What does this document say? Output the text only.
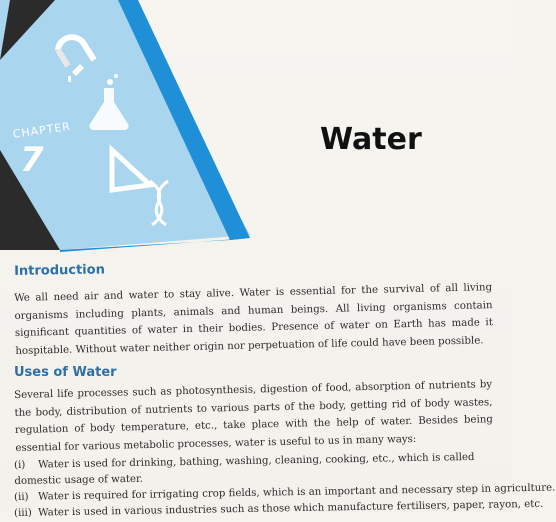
CHAPTER
7
Water
Introduction
We all need air and water to stay alive. Water is essential for the survival of all living organisms including plants, animals and human beings. All living organisms contain significant quantities of water in their bodies. Presence of water on Earth has made it hospitable. Without water neither origin nor perpetuation of life could have been possible.
Uses of Water
Several life processes such as photosynthesis, digestion of food, absorption of nutrients by the body, distribution of nutrients to various parts of the body, getting rid of body wastes, regulation of body temperature, etc., take place with the help of water. Besides being essential for various metabolic processes, water is useful to us in many ways:
(i) Water is used for drinking, bathing, washing, cleaning, cooking, etc., which is called domestic usage of water.
(ii) Water is required for irrigating crop fields, which is an important and necessary step in agriculture.
(iii) Water is used in various industries such as those which manufacture fertilisers, paper, rayon, etc.
